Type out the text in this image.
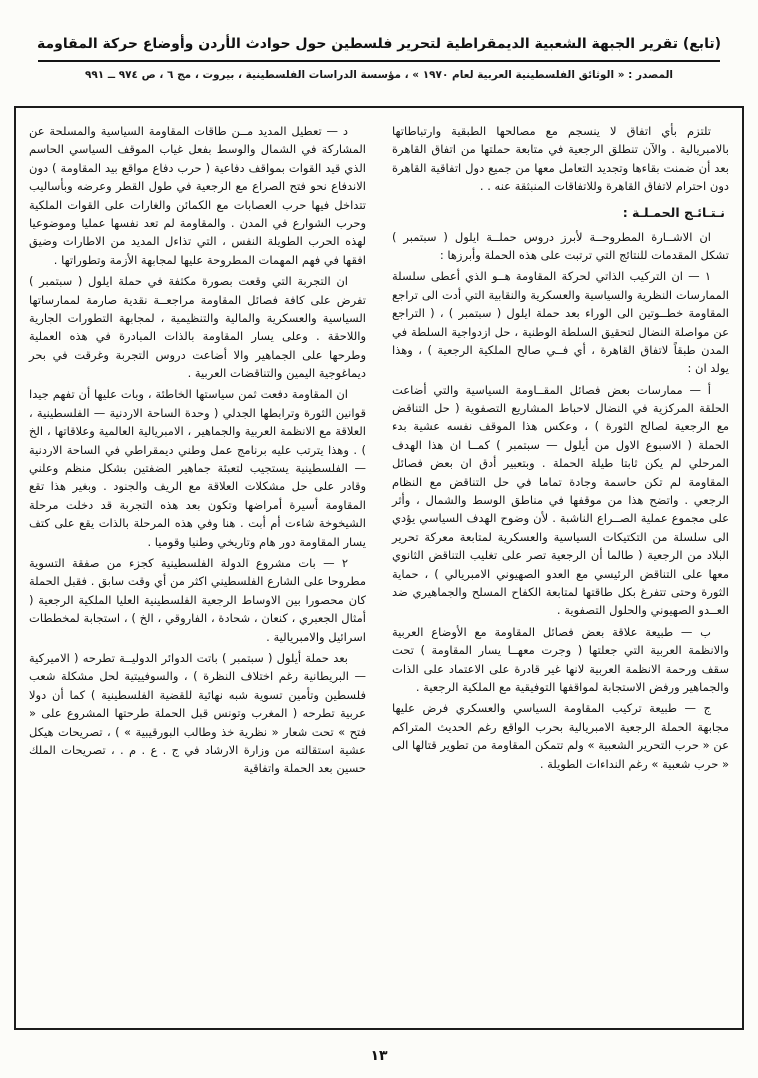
(تابع) تقرير الجبهة الشعبية الديمقراطية لتحرير فلسطين حول حوادث الأردن وأوضاع حركة المقاومة
المصدر : « الوثائق الفلسطينية العربية لعام ١٩٧٠ » ، مؤسسة الدراسات الفلسطينية ، بيروت ، مج ٦ ، ص ٩٧٤ ــ ٩٩١

تلتزم بأي اتفاق لا ينسجم مع مصالحها الطبقية وارتباطاتها بالامبريالية . والآن تنطلق الرجعية في متابعة حملتها من اتفاق القاهرة بعد أن ضمنت بقاءها وتجديد التعامل معها من جميع دول اتفاقية القاهرة دون احترام لاتفاق القاهرة وللاتفاقات المنبثقة عنه . .

نـتـائـج الحمـلـة :

ان الاشــارة المطروحــة لأبرز دروس حملــة ايلول ( سبتمبر ) تشكل المقدمات للنتائج التي ترتبت على هذه الحملة وأبرزها :

١ — ان التركيب الذاتي لحركة المقاومة هــو الذي أعطى سلسلة الممارسات النظرية والسياسية والعسكرية والنقابية التي أدت الى تراجع المقاومة خطــوتين الى الوراء بعد حملة ايلول ( سبتمبر ) ، ( التراجع عن مواصلة النضال لتحقيق السلطة الوطنية ، حل ازدواجية السلطة في المدن طبقاً لاتفاق القاهرة ، أي فــي صالح الملكية الرجعية ) ، وهذا يولد ان :

أ — ممارسات بعض فصائل المقــاومة السياسية والتي أضاعت الحلقة المركزية في النضال لاحباط المشاريع التصفوية ( حل التناقض مع الرجعية لصالح الثورة ) ، وعكس هذا الموقف نفسه عشية بدء الحملة ( الاسبوع الاول من أيلول — سبتمبر ) كمــا ان هذا الهدف المرحلي لم يكن ثابتا طيلة الحملة . وبتعبير أدق ان بعض فصائل المقاومة لم تكن حاسمة وجادة تماما في حل التناقض مع النظام الرجعي . واتضح هذا من موقفها في مناطق الوسط والشمال ، وأثر على مجموع عملية الصــراع الناشبة . لأن وضوح الهدف السياسي يؤدي الى سلسلة من التكتيكات السياسية والعسكرية لمتابعة معركة تحرير البلاد من الرجعية ( طالما أن الرجعية تصر على تغليب التناقض الثانوي معها على التناقض الرئيسي مع العدو الصهيوني الامبريالي ) ، حماية الثورة وحتى تتفرغ بكل طاقتها لمتابعة الكفاح المسلح والجماهيري ضد العــدو الصهيوني والحلول التصفوية .

ب — طبيعة علاقة بعض فصائل المقاومة مع الأوضاع العربية والانظمة العربية التي جعلتها ( وجرت معهــا يسار المقاومة ) تحت سقف ورحمة الانظمة العربية لانها غير قادرة على الاعتماد على الذات والجماهير ورفض الاستجابة لمواقفها التوفيقية مع الملكية الرجعية .

ج — طبيعة تركيب المقاومة السياسي والعسكري فرض عليها مجابهة الحملة الرجعية الامبريالية بحرب الواقع رغم الحديث المتراكم عن « حرب التحرير الشعبية » ولم تتمكن المقاومة من تطوير قتالها الى « حرب شعبية » رغم النداءات الطويلة .

د — تعطيل المديد مــن طاقات المقاومة السياسية والمسلحة عن المشاركة في الشمال والوسط بفعل غياب الموقف السياسي الحاسم الذي قيد القوات بمواقف دفاعية ( حرب دفاع مواقع بيد المقاومة ) دون الاندفاع نحو فتح الصراع مع الرجعية في طول القطر وعرضه وبأساليب تتداخل فيها حرب العصابات مع الكمائن والغارات على القوات الملكية وحرب الشوارع في المدن . والمقاومة لم تعد نفسها عمليا وموضوعيا لهذه الحرب الطويلة النفس ، التي تذاءل المديد من الاطارات وضيق افقها في فهم المهمات المطروحة عليها لمجابهة الأزمة وتطوراتها .

ان التجربة التي وقعت بصورة مكثفة في حملة ايلول ( سبتمبر ) تفرض على كافة فصائل المقاومة مراجعــة نقدية صارمة لممارساتها السياسية والعسكرية والمالية والتنظيمية ، لمجابهة التطورات الجارية واللاحقة . وعلى يسار المقاومة بالذات المبادرة في هذه العملية وطرحها على الجماهير والا أضاعت دروس التجربة وغرقت في بحر ديماغوجية اليمين والتناقضات العربية .

ان المقاومة دفعت ثمن سياستها الخاطئة ، وبات عليها أن تفهم جيدا قوانين الثورة وترابطها الجدلي ( وحدة الساحة الاردنية — الفلسطينية ، العلاقة مع الانظمة العربية والجماهير ، الامبريالية العالمية وعلاقاتها ، الخ ) . وهذا يترتب عليه برنامج عمل وطني ديمقراطي في الساحة الاردنية — الفلسطينية يستجيب لتعبئة جماهير الضفتين بشكل منظم وعلني وقادر على حل مشكلات العلاقة مع الريف والجنود . وبغير هذا تقع المقاومة أسيرة أمراضها وتكون بعد هذه التجربة قد دخلت مرحلة الشيخوخة شاءت أم أبت . هنا وفي هذه المرحلة بالذات يقع على كتف يسار المقاومة دور هام وتاريخي وطنيا وقوميا .

٢ — بات مشروع الدولة الفلسطينية كجزء من صفقة التسوية مطروحا على الشارع الفلسطيني اكثر من أي وقت سابق . فقبل الحملة كان محصورا بين الاوساط الرجعية الفلسطينية العليا الملكية الرجعية ( أمثال الجعبري ، كنعان ، شحادة ، الفاروقي ، الخ ) ، استجابة لمخططات اسرائيل والامبريالية .

بعد حملة أيلول ( سبتمبر ) باتت الدوائر الدوليــة تطرحه ( الاميركية — البريطانية رغم اختلاف النظرة ) ، والسوفييتية لحل مشكلة شعب فلسطين وتأمين تسوية شبه نهائية للقضية الفلسطينية ) كما أن دولا عربية تطرحه ( المغرب وتونس قبل الحملة طرحتها المشروع على « فتح » تحت شعار « نظرية خذ وطالب البورقيبية » ) ، تصريحات هيكل عشية استقالته من وزارة الارشاد في ج . ع . م . ، تصريحات الملك حسين بعد الحملة واتفاقية

١٣
